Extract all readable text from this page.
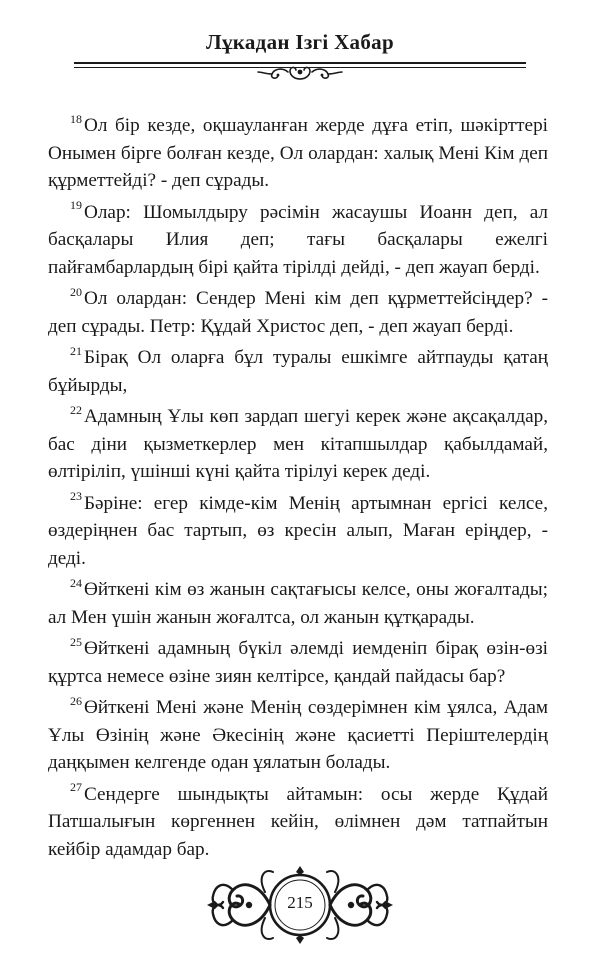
Лұкадан Ізгі Хабар

$^{18}$ Ол бір кезде, оқшауланған жерде дұға етіп, шәкірттері Онымен бірге болған кезде, Ол олардан: халық Мені Кім деп құрметтейді? - деп сұрады.

$^{19}$ Олар: Шомылдыру рәсімін жасаушы Иоанн деп, ал басқалары Илия деп; тағы басқалары ежелгі пайғамбарлардың бірі қайта тірілді дейді, - деп жауап берді.

$^{20}$ Ол олардан: Сендер Мені кім деп құрметтейсіңдер? - деп сұрады. Петр: Құдай Христос деп, - деп жауап берді.

$^{21}$ Бірақ Ол оларға бұл туралы ешкімге айтпауды қатаң бұйырды,

$^{22}$ Адамның Ұлы көп зардап шегуі керек және ақсақалдар, бас діни қызметкерлер мен кітапшылдар қабылдамай, өлтіріліп, үшінші күні қайта тірілуі керек деді.

$^{23}$ Бәріне: егер кімде-кім Менің артымнан ергісі келсе, өздеріңнен бас тартып, өз кресін алып, Маған еріңдер, - деді.

$^{24}$ Өйткені кім өз жанын сақтағысы келсе, оны жоғалтады; ал Мен үшін жанын жоғалтса, ол жанын құтқарады.

$^{25}$ Өйткені адамның бүкіл әлемді иемденіп бірақ өзін-өзі құртса немесе өзіне зиян келтірсе, қандай пайдасы бар?

$^{26}$ Өйткені Мені және Менің сөздерімнен кім ұялса, Адам Ұлы Өзінің және Әкесінің және қасиетті Періштелердің даңқымен келгенде одан ұялатын болады.

$^{27}$ Сендерге шындықты айтамын: осы жерде Құдай Патшалығын көргеннен кейін, өлімнен дәм татпайтын кейбір адамдар бар.

215
